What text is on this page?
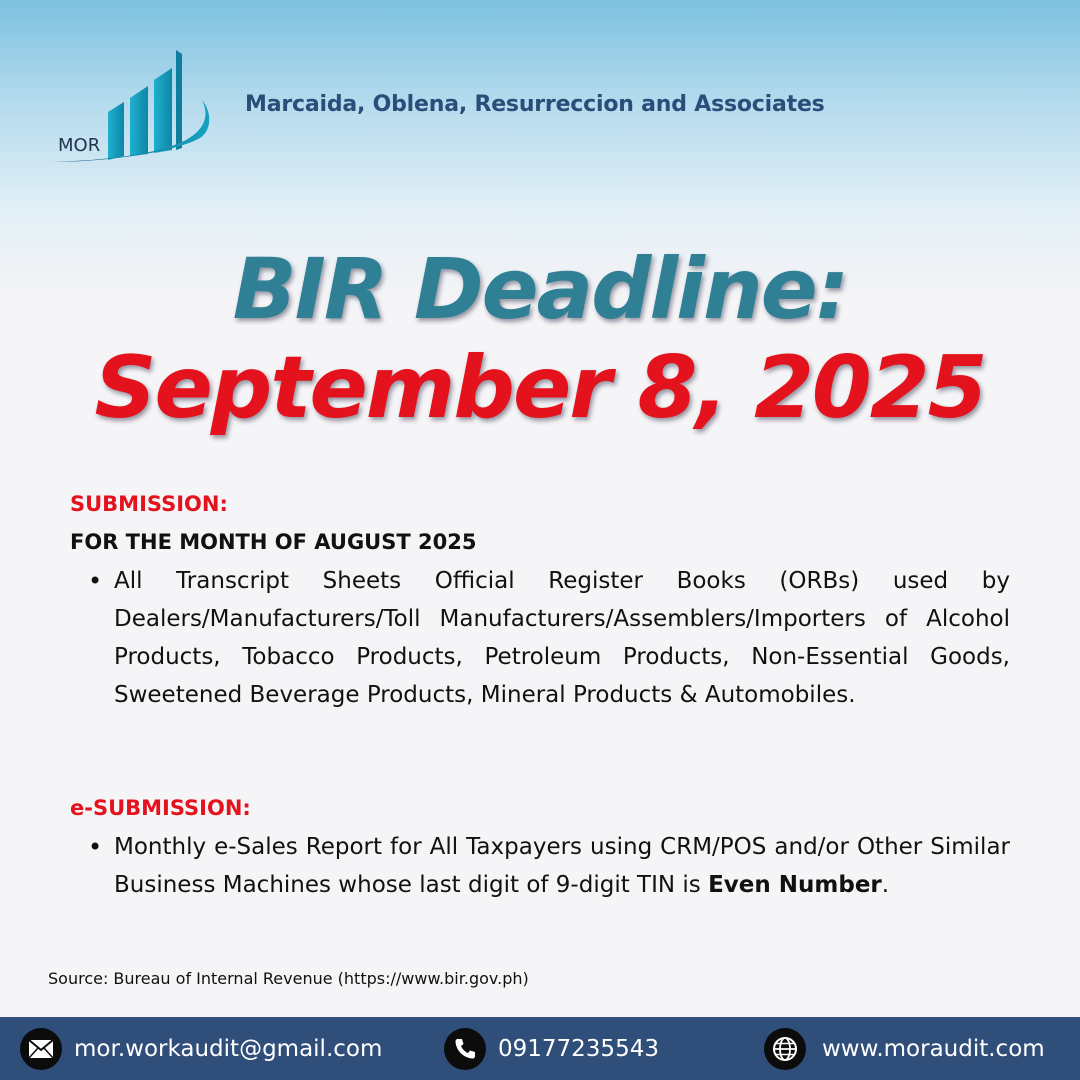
MOR
Marcaida, Oblena, Resurreccion and Associates
BIR Deadline:
September 8, 2025
SUBMISSION:
FOR THE MONTH OF AUGUST 2025
• All Transcript Sheets Official Register Books (ORBs) used by Dealers/Manufacturers/Toll Manufacturers/Assemblers/Importers of Alcohol Products, Tobacco Products, Petroleum Products, Non-Essential Goods, Sweetened Beverage Products, Mineral Products & Automobiles.
e-SUBMISSION:
• Monthly e-Sales Report for All Taxpayers using CRM/POS and/or Other Similar Business Machines whose last digit of 9-digit TIN is Even Number.
Source: Bureau of Internal Revenue (https://www.bir.gov.ph)
mor.workaudit@gmail.com	09177235543	www.moraudit.com
